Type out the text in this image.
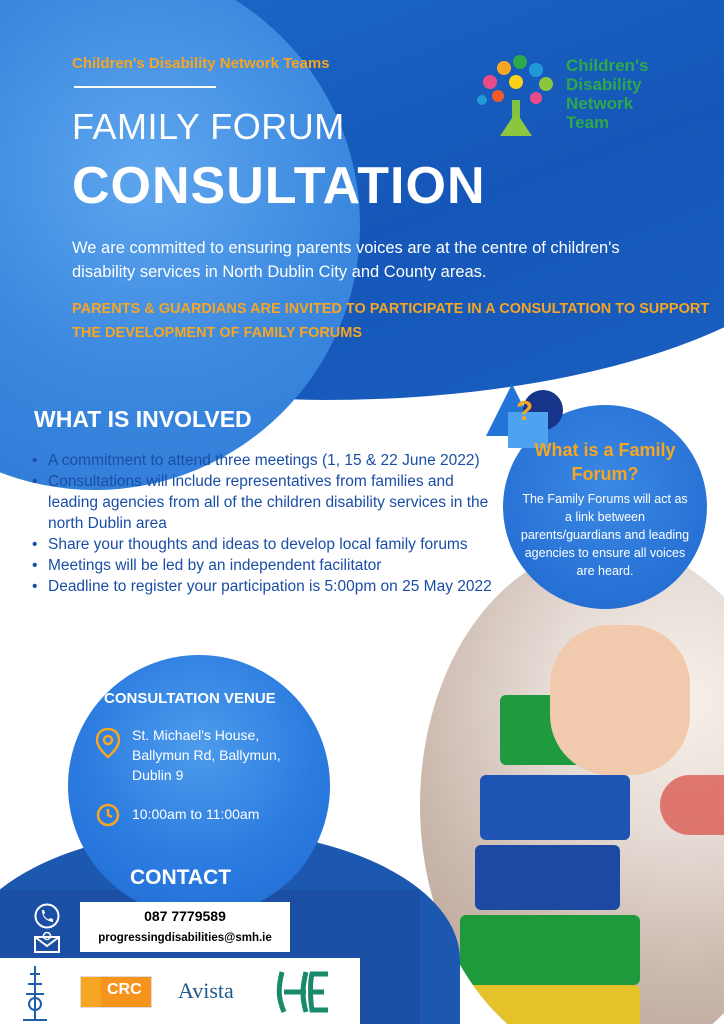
Children's Disability Network Teams
FAMILY FORUM
CONSULTATION
We are committed to ensuring parents voices are at the centre of children's disability services in North Dublin City and County areas.
PARENTS & GUARDIANS ARE INVITED TO PARTICIPATE IN A CONSULTATION TO SUPPORT THE DEVELOPMENT OF FAMILY FORUMS
Children's
Disability
Network
Team
WHAT IS INVOLVED
• A commitment to attend three meetings (1, 15 & 22 June 2022)
• Consultations will include representatives from families and leading agencies from all of the children disability services in the north Dublin area
• Share your thoughts and ideas to develop local family forums
• Meetings will be led by an independent facilitator
• Deadline to register your participation is 5:00pm on 25 May 2022
?
What is a Family Forum?
The Family Forums will act as a link between parents/guardians and leading agencies to ensure all voices are heard.
CONSULTATION VENUE
St. Michael's House,
Ballymun Rd, Ballymun,
Dublin 9
10:00am to 11:00am
CONTACT
087 7779589
progressingdisabilities@smh.ie
CRC Avista
